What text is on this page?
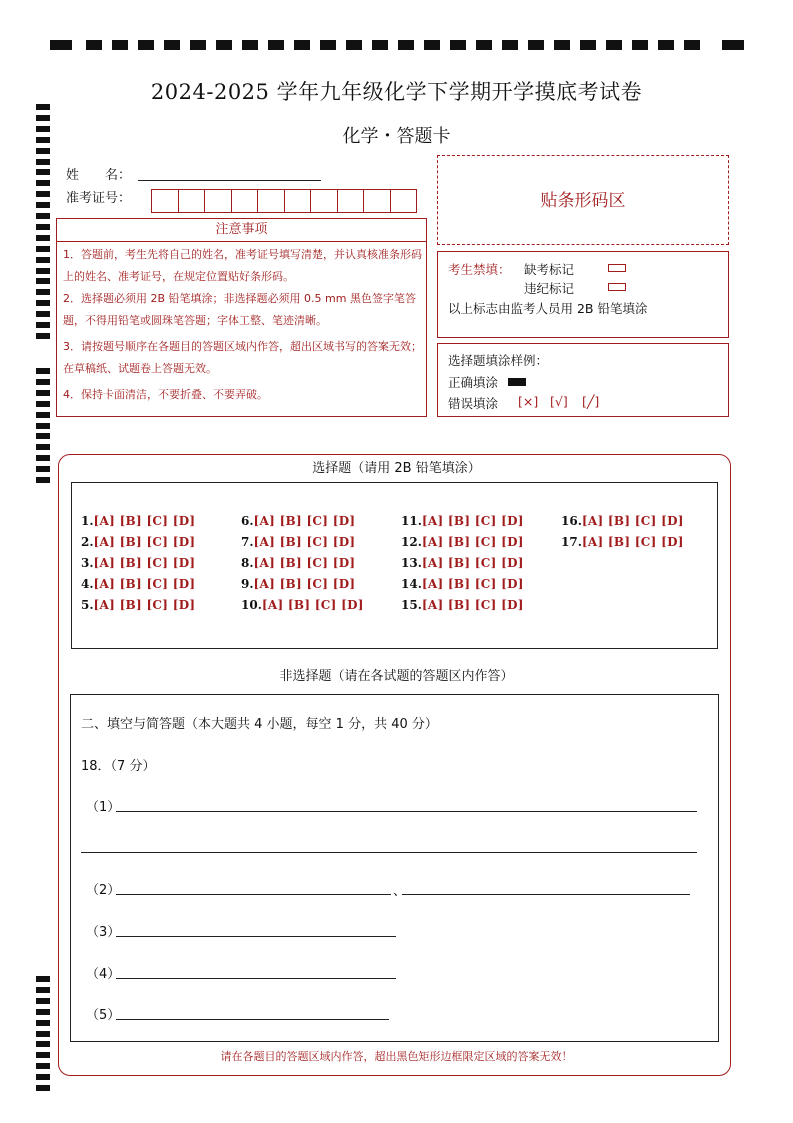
2024-2025 学年九年级化学下学期开学摸底考试卷
化学・答题卡
姓　　名：
准考证号：	贴条形码区
注意事项
1．答题前，考生先将自己的姓名，准考证号填写清楚，并认真核准条形码上的姓名、准考证号，在规定位置贴好条形码。
2．选择题必须用 2B 铅笔填涂；非选择题必须用 0.5 mm 黑色签字笔答题，不得用铅笔或圆珠笔答题；字体工整、笔迹清晰。
3．请按题号顺序在各题目的答题区域内作答，超出区域书写的答案无效；在草稿纸、试题卷上答题无效。
4．保持卡面清洁，不要折叠、不要弄破。
考生禁填： 缺考标记
违纪标记
以上标志由监考人员用 2B 铅笔填涂
选择题填涂样例：
正确填涂
错误填涂 [×] [√] [╱]
选择题（请用 2B 铅笔填涂）
1.[A] [B] [C] [D]
2.[A] [B] [C] [D]
3.[A] [B] [C] [D]
4.[A] [B] [C] [D]
5.[A] [B] [C] [D]
6.[A] [B] [C] [D]
7.[A] [B] [C] [D]
8.[A] [B] [C] [D]
9.[A] [B] [C] [D]
10.[A] [B] [C] [D]
11.[A] [B] [C] [D]
12.[A] [B] [C] [D]
13.[A] [B] [C] [D]
14.[A] [B] [C] [D]
15.[A] [B] [C] [D]
16.[A] [B] [C] [D]
17.[A] [B] [C] [D]
非选择题（请在各试题的答题区内作答）
二、填空与简答题（本大题共 4 小题，每空 1 分，共 40 分）
18．（7 分）
（1）
（2）	、
（3）
（4）
（5）
请在各题目的答题区域内作答，超出黑色矩形边框限定区域的答案无效！
